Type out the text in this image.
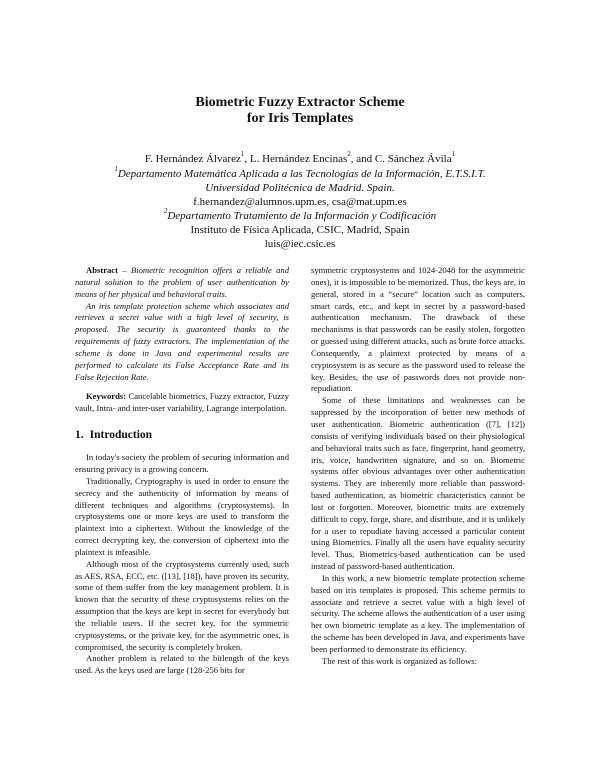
Biometric Fuzzy Extractor Scheme
for Iris Templates
F. Hernández Álvarez$^1$, L. Hernández Encinas$^2$, and C. Sánchez Ávila$^1$
$^1$Departamento Matemática Aplicada a las Tecnologías de la Información, E.T.S.I.T.
Universidad Politécnica de Madrid. Spain.
f.hernandez@alumnos.upm.es, csa@mat.upm.es
$^2$Departamento Tratamiento de la Información y Codificación
Instituto de Física Aplicada, CSIC, Madrid, Spain
luis@iec.csic.es

Abstract – Biometric recognition offers a reliable and natural solution to the problem of user authentication by means of her physical and behavioral traits.

An iris template protection scheme which associates and retrieves a secret value with a high level of security, is proposed. The security is guaranteed thanks to the requirements of fuzzy extractors. The implementation of the scheme is done in Java and experimental results are performed to calculate its False Acceptance Rate and its False Rejection Rate.

Keywords: Cancelable biometrics, Fuzzy extractor, Fuzzy vault, Intra- and inter-user variability, Lagrange interpolation.

1. Introduction

In today's society the problem of securing information and ensuring privacy is a growing concern.

Traditionally, Cryptography is used in order to ensure the secrecy and the authenticity of information by means of different techniques and algorithms (cryptosystems). In cryptosystems one or more keys are used to transform the plaintext into a ciphertext. Without the knowledge of the correct decrypting key, the conversion of ciphertext into the plaintext is infeasible.

Although most of the cryptosystems currently used, such as AES, RSA, ECC, etc. ([13], [18]), have proven its security, some of them suffer from the key management problem. It is known that the security of these cryptosystems relies on the assumption that the keys are kept in secret for everybody but the reliable users. If the secret key, for the symmetric cryptosystems, or the private key, for the asymmetric ones, is compromised, the security is completely broken.

Another problem is related to the bitlength of the keys used. As the keys used are large (128-256 bits for

symmetric cryptosystems and 1024-2048 for the asymmetric ones), it is impossible to be memorized. Thus, the keys are, in general, stored in a “secure” location such as computers, smart cards, etc., and kept in secret by a password-based authentication mechanism. The drawback of these mechanisms is that passwords can be easily stolen, forgotten or guessed using different attacks, such as brute force attacks. Consequently, a plaintext protected by means of a cryptosystem is as secure as the password used to release the key. Besides, the use of passwords does not provide non-repudiation.

Some of these limitations and weaknesses can be suppressed by the incorporation of better new methods of user authentication. Biometric authentication ([7], [12]) consists of verifying individuals based on their physiological and behavioral traits such as face, fingerprint, hand geometry, iris, voice, handwritten signature, and so on. Biometric systems offer obvious advantages over other authentication systems. They are inherently more reliable than password-based authentication, as biometric characteristics cannot be lost or forgotten. Moreover, biometric traits are extremely difficult to copy, forge, share, and distribute, and it is unlikely for a user to repudiate having accessed a particular content using Biometrics. Finally all the users have equality security level. Thus, Biometrics-based authentication can be used instead of password-based authentication.

In this work, a new biometric template protection scheme based on iris templates is proposed. This scheme permits to associate and retrieve a secret value with a high level of security. The scheme allows the authentication of a user using her own biometric template as a key. The implementation of the scheme has been developed in Java, and experiments have been performed to demonstrate its efficiency.

The rest of this work is organized as follows:
